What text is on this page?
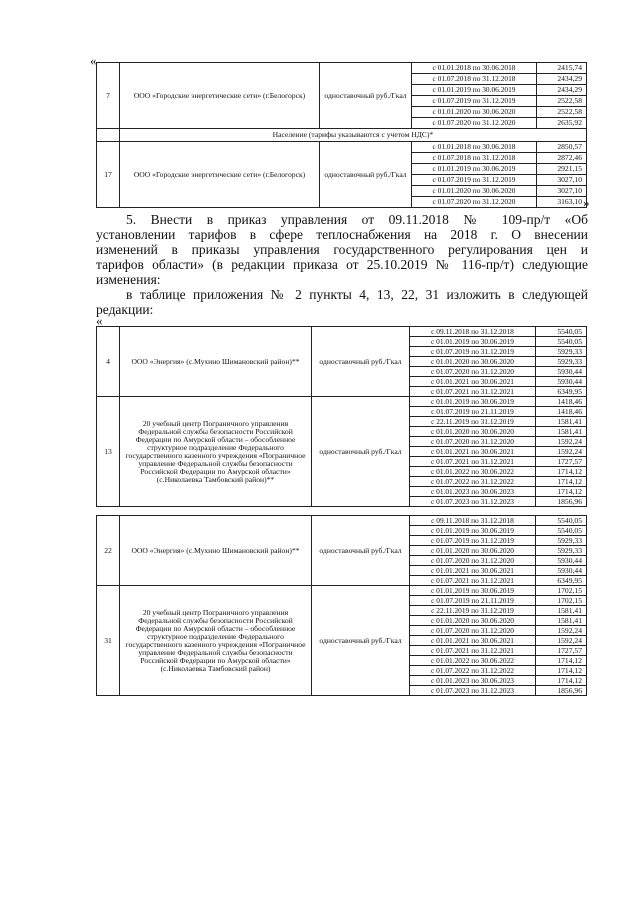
«
7	ООО «Городские энергетические сети» (г.Белогорск)	одноставочный руб./Гкал	с 01.01.2018 по 30.06.2018	2415,74
			с 01.07.2018 по 31.12.2018	2434,29
			с 01.01.2019 по 30.06.2019	2434,29
			с 01.07.2019 по 31.12.2019	2522,58
			с 01.01.2020 по 30.06.2020	2522,58
			с 01.07.2020 по 31.12.2020	2635,92
	Население (тарифы указываются с учетом НДС)*			
17	ООО «Городские энергетические сети» (г.Белогорск)	одноставочный руб./Гкал	с 01.01.2018 по 30.06.2018	2850,57
			с 01.07.2018 по 31.12.2018	2872,46
			с 01.01.2019 по 30.06.2019	2921,15
			с 01.07.2019 по 31.12.2019	3027,10
			с 01.01.2020 по 30.06.2020	3027,10
			с 01.07.2020 по 31.12.2020	3163,10 »
5. Внести в приказ управления от 09.11.2018 № 109-пр/т «Об
установлении тарифов в сфере теплоснабжения на 2018 г. О внесении
изменений в приказы управления государственного регулирования цен и
тарифов области» (в редакции приказа от 25.10.2019 № 116-пр/т) следующие
изменения:
в таблице приложения № 2 пункты 4, 13, 22, 31 изложить в следующей
редакции:
«
4	ООО «Энергия» (с.Мухино Шимановский район)**	одноставочный руб./Гкал	с 09.11.2018 по 31.12.2018	5540,05
			с 01.01.2019 по 30.06.2019	5540,05
			с 01.07.2019 по 31.12.2019	5929,33
			с 01.01.2020 по 30.06.2020	5929,33
			с 01.07.2020 по 31.12.2020	5930,44
			с 01.01.2021 по 30.06.2021	5930,44
			с 01.07.2021 по 31.12.2021	6349,95
13	20 учебный центр Пограничного управления Федеральной службы безопасности Российской Федерации по Амурской области – обособленное структурное подразделение Федерального государственного казенного учреждения «Пограничное управление Федеральной службы безопасности Российской Федерации по Амурской области» (с.Николаевка Тамбовский район)**	одноставочный руб./Гкал	с 01.01.2019 по 30.06.2019	1418,46
			с 01.07.2019 по 21.11.2019	1418,46
			с 22.11.2019 по 31.12.2019	1581,41
			с 01.01.2020 по 30.06.2020	1581,41
			с 01.07.2020 по 31.12.2020	1592,24
			с 01.01.2021 по 30.06.2021	1592,24
			с 01.07.2021 по 31.12.2021	1727,57
			с 01.01.2022 по 30.06.2022	1714,12
			с 01.07.2022 по 31.12.2022	1714,12
			с 01.01.2023 по 30.06.2023	1714,12
			с 01.07.2023 по 31.12.2023	1856,96
22	ООО «Энергия» (с.Мухино Шимановский район)**	одноставочный руб./Гкал	с 09.11.2018 по 31.12.2018	5540,05
			с 01.01.2019 по 30.06.2019	5540,05
			с 01.07.2019 по 31.12.2019	5929,33
			с 01.01.2020 по 30.06.2020	5929,33
			с 01.07.2020 по 31.12.2020	5930,44
			с 01.01.2021 по 30.06.2021	5930,44
			с 01.07.2021 по 31.12.2021	6349,95
31	20 учебный центр Пограничного управления Федеральной службы безопасности Российской Федерации по Амурской области – обособленное структурное подразделение Федерального государственного казенного учреждения «Пограничное управление Федеральной службы безопасности Российской Федерации по Амурской области» (с.Николаевка Тамбовский район)	одноставочный руб./Гкал	с 01.01.2019 по 30.06.2019	1702,15
			с 01.07.2019 по 21.11.2019	1702,15
			с 22.11.2019 по 31.12.2019	1581,41
			с 01.01.2020 по 30.06.2020	1581,41
			с 01.07.2020 по 31.12.2020	1592,24
			с 01.01.2021 по 30.06.2021	1592,24
			с 01.07.2021 по 31.12.2021	1727,57
			с 01.01.2022 по 30.06.2022	1714,12
			с 01.07.2022 по 31.12.2022	1714,12
			с 01.01.2023 по 30.06.2023	1714,12
			с 01.07.2023 по 31.12.2023	1856,96
